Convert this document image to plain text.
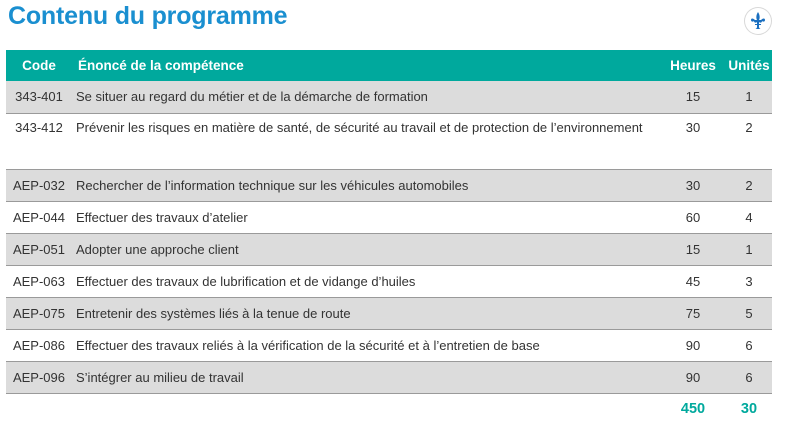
Contenu du programme
Code	Énoncé de la compétence	Heures	Unités
343-401	Se situer au regard du métier et de la démarche de formation	15	1
343-412	Prévenir les risques en matière de santé, de sécurité au travail et de protection de l’environnement	30	2
AEP-032	Rechercher de l’information technique sur les véhicules automobiles	30	2
AEP-044	Effectuer des travaux d’atelier	60	4
AEP-051	Adopter une approche client	15	1
AEP-063	Effectuer des travaux de lubrification et de vidange d’huiles	45	3
AEP-075	Entretenir des systèmes liés à la tenue de route	75	5
AEP-086	Effectuer des travaux reliés à la vérification de la sécurité et à l’entretien de base	90	6
AEP-096	S’intégrer au milieu de travail	90	6
		450	30
